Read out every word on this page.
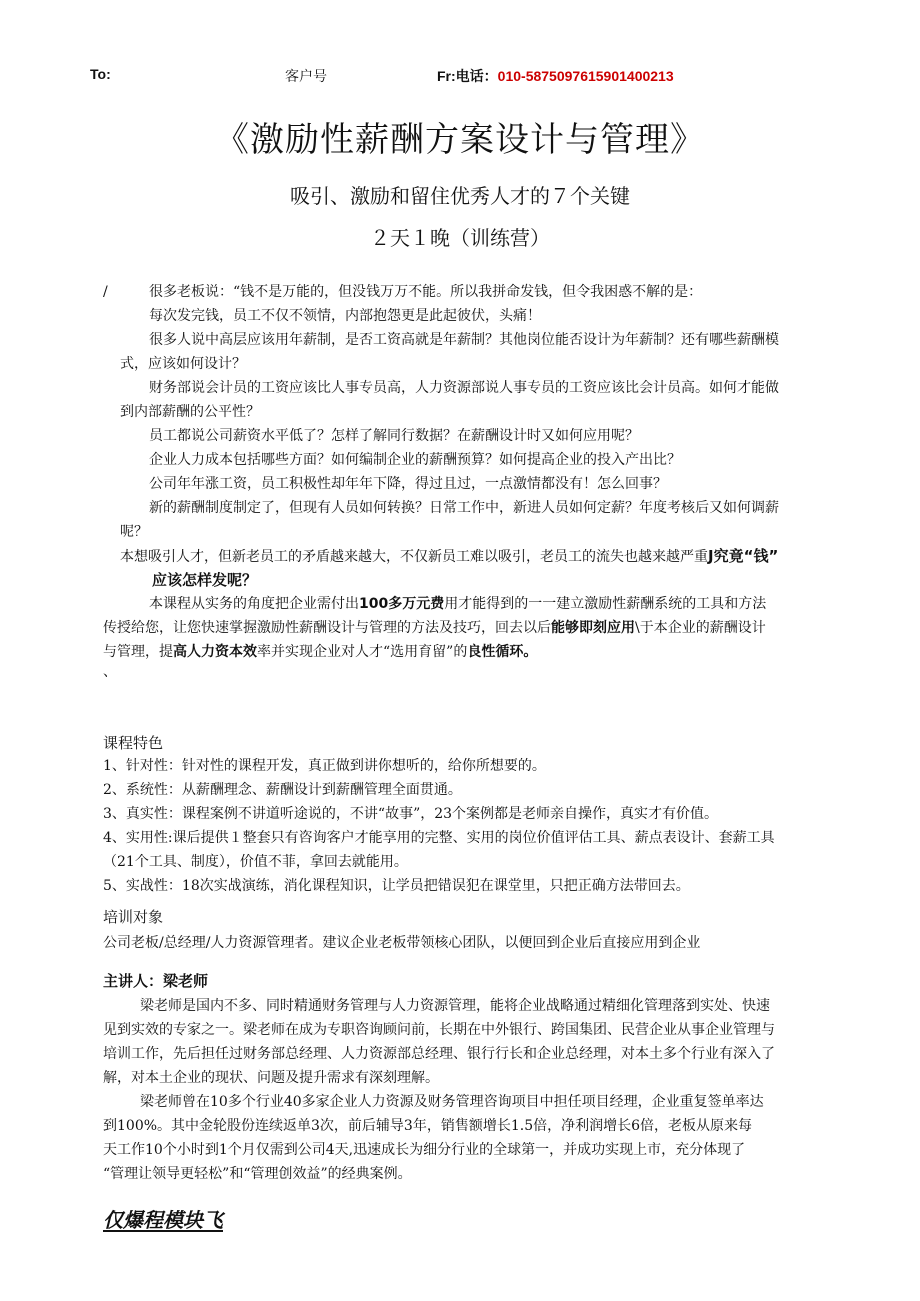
To:	客户号	Fr:电话：010-5875097615901400213
《激励性薪酬方案设计与管理》
吸引、激励和留住优秀人才的７个关键
２天１晚（训练营）
/	很多老板说：“钱不是万能的，但没钱万万不能。所以我拼命发钱，但令我困惑不解的是：
每次发完钱，员工不仅不领情，内部抱怨更是此起彼伏，头痛！
很多人说中高层应该用年薪制，是否工资高就是年薪制？其他岗位能否设计为年薪制？还有哪些薪酬模
式，应该如何设计？
财务部说会计员的工资应该比人事专员高，人力资源部说人事专员的工资应该比会计员高。如何才能做
到内部薪酬的公平性？
员工都说公司薪资水平低了？怎样了解同行数据？在薪酬设计时又如何应用呢？
企业人力成本包括哪些方面？如何编制企业的薪酬预算？如何提高企业的投入产出比？
公司年年涨工资，员工积极性却年年下降，得过且过，一点激情都没有！怎么回事？
新的薪酬制度制定了，但现有人员如何转换？日常工作中，新进人员如何定薪？年度考核后又如何调薪
呢？
本想吸引人才，但新老员工的矛盾越来越大，不仅新员工难以吸引，老员工的流失也越来越严重J究竟“钱”
应该怎样发呢？
本课程从实务的角度把企业需付出100多万元费用才能得到的一一建立激励性薪酬系统的工具和方法
传授给您，让您快速掌握激励性薪酬设计与管理的方法及技巧，回去以后能够即刻应用\于本企业的薪酬设计
与管理，提高人力资本效率并实现企业对人才“选用育留”的良性循环。
、
课程特色
1、针对性：针对性的课程开发，真正做到讲你想听的，给你所想要的。
2、系统性：从薪酬理念、薪酬设计到薪酬管理全面贯通。
3、真实性：课程案例不讲道听途说的，不讲“故事”，23个案例都是老师亲自操作，真实才有价值。
4、实用性:课后提供１整套只有咨询客户才能享用的完整、实用的岗位价值评估工具、薪点表设计、套薪工具
（21个工具、制度），价值不菲，拿回去就能用。
5、实战性：18次实战演练，消化课程知识，让学员把错误犯在课堂里，只把正确方法带回去。
培训对象
公司老板/总经理/人力资源管理者。建议企业老板带领核心团队，以便回到企业后直接应用到企业
主讲人：梁老师
梁老师是国内不多、同时精通财务管理与人力资源管理，能将企业战略通过精细化管理落到实处、快速
见到实效的专家之一。梁老师在成为专职咨询顾问前，长期在中外银行、跨国集团、民营企业从事企业管理与
培训工作，先后担任过财务部总经理、人力资源部总经理、银行行长和企业总经理，对本土多个行业有深入了
解，对本土企业的现状、问题及提升需求有深刻理解。
梁老师曾在10多个行业40多家企业人力资源及财务管理咨询项目中担任项目经理，企业重复签单率达
到100%。其中金轮股份连续返单3次，前后辅导3年，销售额增长1.5倍，净利润增长6倍，老板从原来每
天工作10个小时到1个月仅需到公司4天,迅速成长为细分行业的全球第一，并成功实现上市，充分体现了
“管理让领导更轻松”和“管理创效益”的经典案例。
仅爆程模块飞
